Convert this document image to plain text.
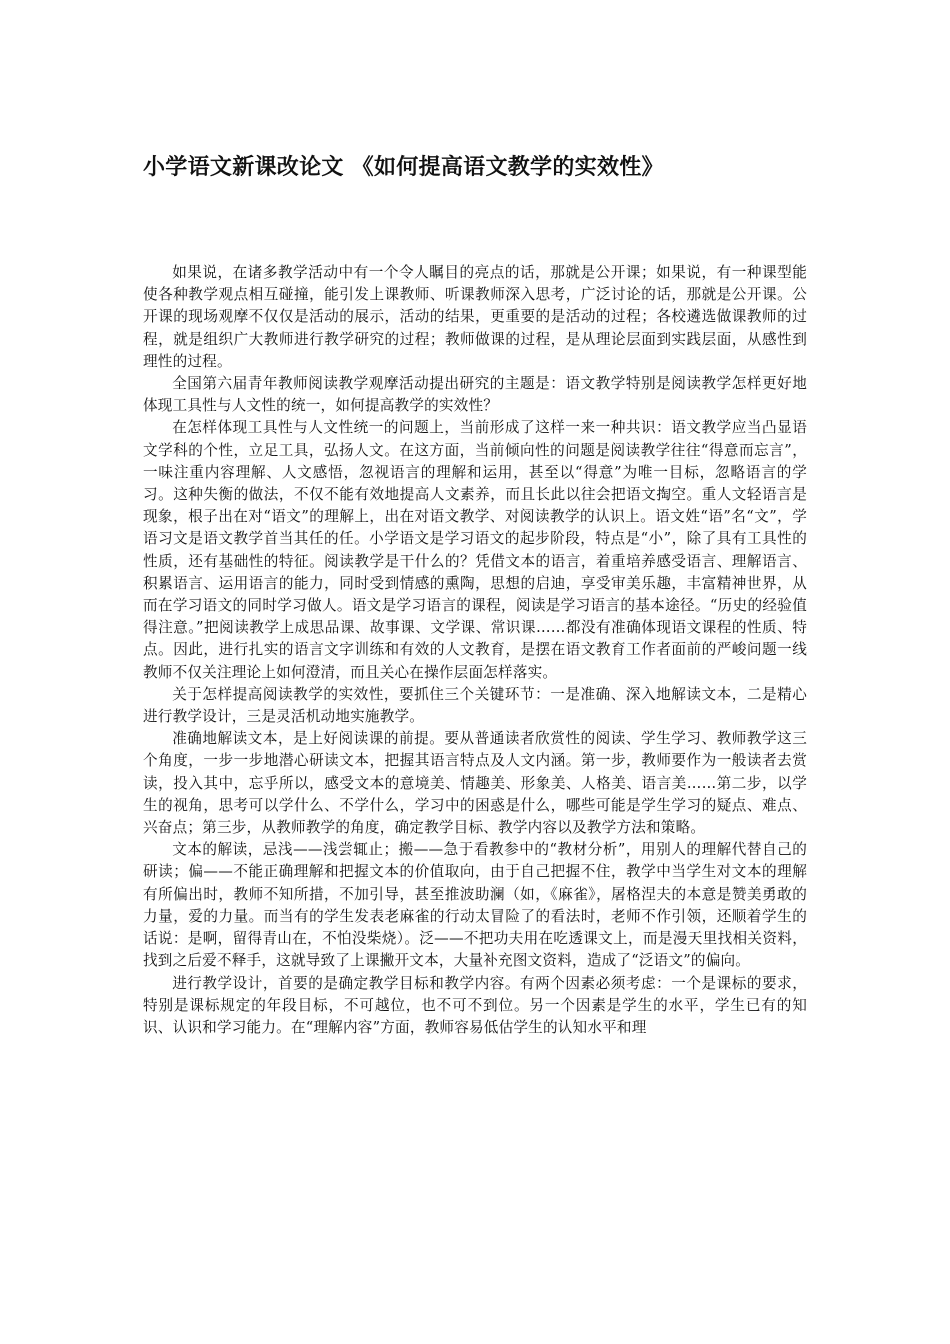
小学语文新课改论文 《如何提高语文教学的实效性》

如果说，在诸多教学活动中有一个令人瞩目的亮点的话，那就是公开课；如果说，有一种课型能使各种教学观点相互碰撞，能引发上课教师、听课教师深入思考，广泛讨论的话，那就是公开课。公开课的现场观摩不仅仅是活动的展示，活动的结果，更重要的是活动的过程；各校遴选做课教师的过程，就是组织广大教师进行教学研究的过程；教师做课的过程，是从理论层面到实践层面，从感性到理性的过程。

全国第六届青年教师阅读教学观摩活动提出研究的主题是：语文教学特别是阅读教学怎样更好地体现工具性与人文性的统一，如何提高教学的实效性？

在怎样体现工具性与人文性统一的问题上，当前形成了这样一来一种共识：语文教学应当凸显语文学科的个性，立足工具，弘扬人文。在这方面，当前倾向性的问题是阅读教学往往“得意而忘言”，一味注重内容理解、人文感悟，忽视语言的理解和运用，甚至以“得意”为唯一目标，忽略语言的学习。这种失衡的做法，不仅不能有效地提高人文素养，而且长此以往会把语文掏空。重人文轻语言是现象，根子出在对“语文”的理解上，出在对语文教学、对阅读教学的认识上。语文姓“语”名“文”，学语习文是语文教学首当其任的任。小学语文是学习语文的起步阶段，特点是“小”，除了具有工具性的性质，还有基础性的特征。阅读教学是干什么的？凭借文本的语言，着重培养感受语言、理解语言、积累语言、运用语言的能力，同时受到情感的熏陶，思想的启迪，享受审美乐趣，丰富精神世界，从而在学习语文的同时学习做人。语文是学习语言的课程，阅读是学习语言的基本途径。“历史的经验值得注意。”把阅读教学上成思品课、故事课、文学课、常识课……都没有准确体现语文课程的性质、特点。因此，进行扎实的语言文字训练和有效的人文教育，是摆在语文教育工作者面前的严峻问题一线教师不仅关注理论上如何澄清，而且关心在操作层面怎样落实。

关于怎样提高阅读教学的实效性，要抓住三个关键环节：一是准确、深入地解读文本，二是精心进行教学设计，三是灵活机动地实施教学。

准确地解读文本，是上好阅读课的前提。要从普通读者欣赏性的阅读、学生学习、教师教学这三个角度，一步一步地潜心研读文本，把握其语言特点及人文内涵。第一步，教师要作为一般读者去赏读，投入其中，忘乎所以，感受文本的意境美、情趣美、形象美、人格美、语言美……第二步，以学生的视角，思考可以学什么、不学什么，学习中的困惑是什么，哪些可能是学生学习的疑点、难点、兴奋点；第三步，从教师教学的角度，确定教学目标、教学内容以及教学方法和策略。

文本的解读，忌浅——浅尝辄止；搬——急于看教参中的“教材分析”，用别人的理解代替自己的研读；偏——不能正确理解和把握文本的价值取向，由于自己把握不住，教学中当学生对文本的理解有所偏出时，教师不知所措，不加引导，甚至推波助澜（如，《麻雀》，屠格涅夫的本意是赞美勇敢的力量，爱的力量。而当有的学生发表老麻雀的行动太冒险了的看法时，老师不作引领，还顺着学生的话说：是啊，留得青山在，不怕没柴烧）。泛——不把功夫用在吃透课文上，而是漫天里找相关资料，找到之后爱不释手，这就导致了上课撇开文本，大量补充图文资料，造成了“泛语文”的偏向。

进行教学设计，首要的是确定教学目标和教学内容。有两个因素必须考虑：一个是课标的要求，特别是课标规定的年段目标，不可越位，也不可不到位。另一个因素是学生的水平，学生已有的知识、认识和学习能力。在“理解内容”方面，教师容易低估学生的认知水平和理
